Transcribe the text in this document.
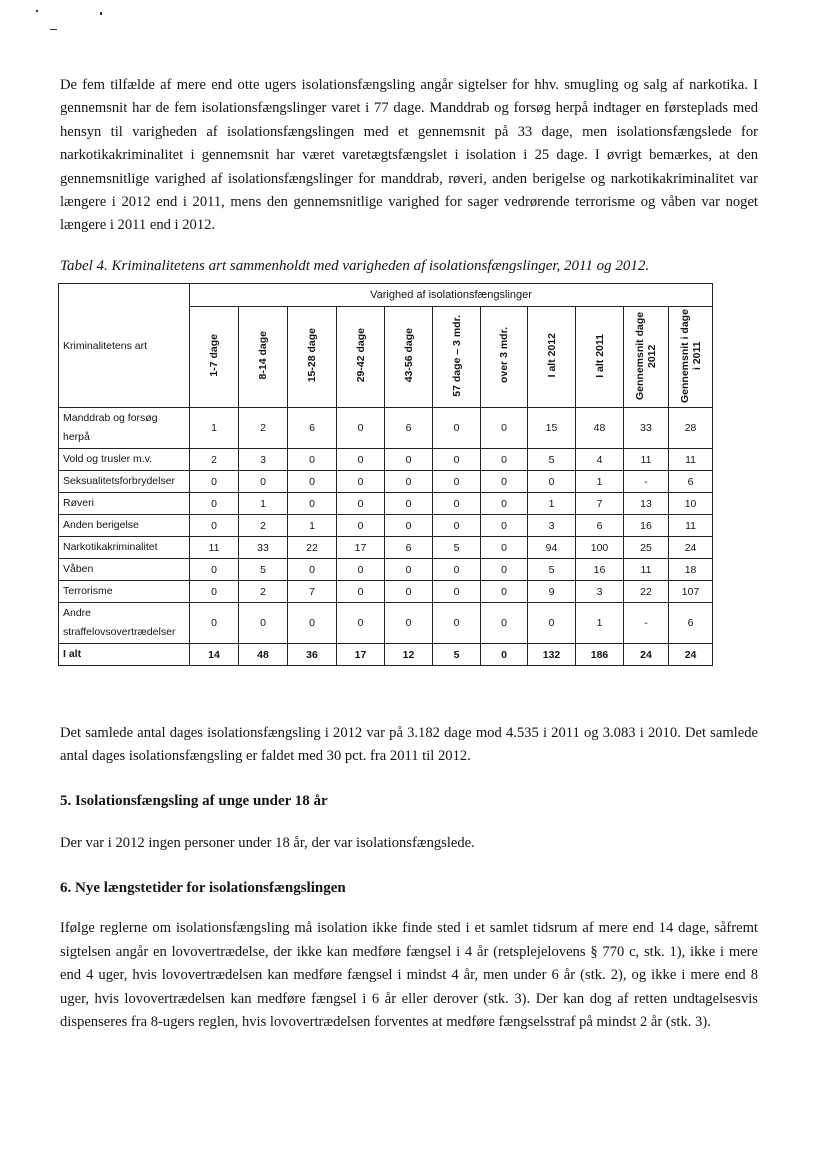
De fem tilfælde af mere end otte ugers isolationsfængsling angår sigtelser for hhv. smugling og salg af narkotika. I gennemsnit har de fem isolationsfængslinger varet i 77 dage. Manddrab og forsøg herpå indtager en førsteplads med hensyn til varigheden af isolationsfængslingen med et gennemsnit på 33 dage, men isolationsfængslede for narkotikakriminalitet i gennemsnit har været varetægtsfængslet i isolation i 25 dage. I øvrigt bemærkes, at den gennemsnitlige varighed af isolationsfængslinger for manddrab, røveri, anden berigelse og narkotikakriminalitet var længere i 2012 end i 2011, mens den gennemsnitlige varighed for sager vedrørende terrorisme og våben var noget længere i 2011 end i 2012.

Tabel 4. Kriminalitetens art sammenholdt med varigheden af isolationsfængslinger, 2011 og 2012.

Kriminalitetens art	Varighed af isolationsfængslinger										
	1-7 dage	8-14 dage	15-28 dage	29-42 dage	43-56 dage	57 dage – 3 mdr.	over 3 mdr.	I alt 2012	I alt 2011	Gennemsnit dage 2012	Gennemsnit i dage i 2011
Manddrab og forsøg herpå	1	2	6	0	6	0	0	15	48	33	28
Vold og trusler m.v.	2	3	0	0	0	0	0	5	4	11	11
Seksualitetsforbrydelser	0	0	0	0	0	0	0	0	1	-	6
Røveri	0	1	0	0	0	0	0	1	7	13	10
Anden berigelse	0	2	1	0	0	0	0	3	6	16	11
Narkotikakriminalitet	11	33	22	17	6	5	0	94	100	25	24
Våben	0	5	0	0	0	0	0	5	16	11	18
Terrorisme	0	2	7	0	0	0	0	9	3	22	107
Andre straffelovsovertrædelser	0	0	0	0	0	0	0	0	1	-	6
I alt	14	48	36	17	12	5	0	132	186	24	24

Det samlede antal dages isolationsfængsling i 2012 var på 3.182 dage mod 4.535 i 2011 og 3.083 i 2010. Det samlede antal dages isolationsfængsling er faldet med 30 pct. fra 2011 til 2012.

5. Isolationsfængsling af unge under 18 år

Der var i 2012 ingen personer under 18 år, der var isolationsfængslede.

6. Nye længstetider for isolationsfængslingen

Ifølge reglerne om isolationsfængsling må isolation ikke finde sted i et samlet tidsrum af mere end 14 dage, såfremt sigtelsen angår en lovovertrædelse, der ikke kan medføre fængsel i 4 år (retsplejelovens § 770 c, stk. 1), ikke i mere end 4 uger, hvis lovovertrædelsen kan medføre fængsel i mindst 4 år, men under 6 år (stk. 2), og ikke i mere end 8 uger, hvis lovovertrædelsen kan medføre fængsel i 6 år eller derover (stk. 3). Der kan dog af retten undtagelsesvis dispenseres fra 8-ugers reglen, hvis lovovertrædelsen forventes at medføre fængselsstraf på mindst 2 år (stk. 3).
